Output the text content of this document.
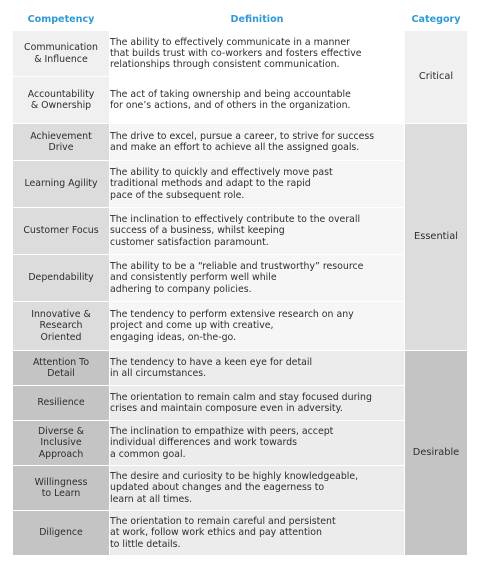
Competency	Definition	Category

Communication
& Influence	The ability to effectively communicate in a manner
that builds trust with co-workers and fosters effective
relationships through consistent communication.	Critical

Accountability
& Ownership	The act of taking ownership and being accountable
for one’s actions, and of others in the organization.	

Achievement
Drive	The drive to excel, pursue a career, to strive for success
and make an effort to achieve all the assigned goals.	Essential

Learning Agility	The ability to quickly and effectively move past
traditional methods and adapt to the rapid
pace of the subsequent role.	

Customer Focus	The inclination to effectively contribute to the overall
success of a business, whilst keeping
customer satisfaction paramount.	

Dependability	The ability to be a “reliable and trustworthy” resource
and consistently perform well while
adhering to company policies.	

Innovative &
Research
Oriented	The tendency to perform extensive research on any
project and come up with creative,
engaging ideas, on-the-go.	

Attention To
Detail	The tendency to have a keen eye for detail
in all circumstances.	Desirable

Resilience	The orientation to remain calm and stay focused during
crises and maintain composure even in adversity.	

Diverse &
Inclusive
Approach	The inclination to empathize with peers, accept
individual differences and work towards
a common goal.	

Willingness
to Learn	The desire and curiosity to be highly knowledgeable,
updated about changes and the eagerness to
learn at all times.	

Diligence	The orientation to remain careful and persistent
at work, follow work ethics and pay attention
to little details.	
